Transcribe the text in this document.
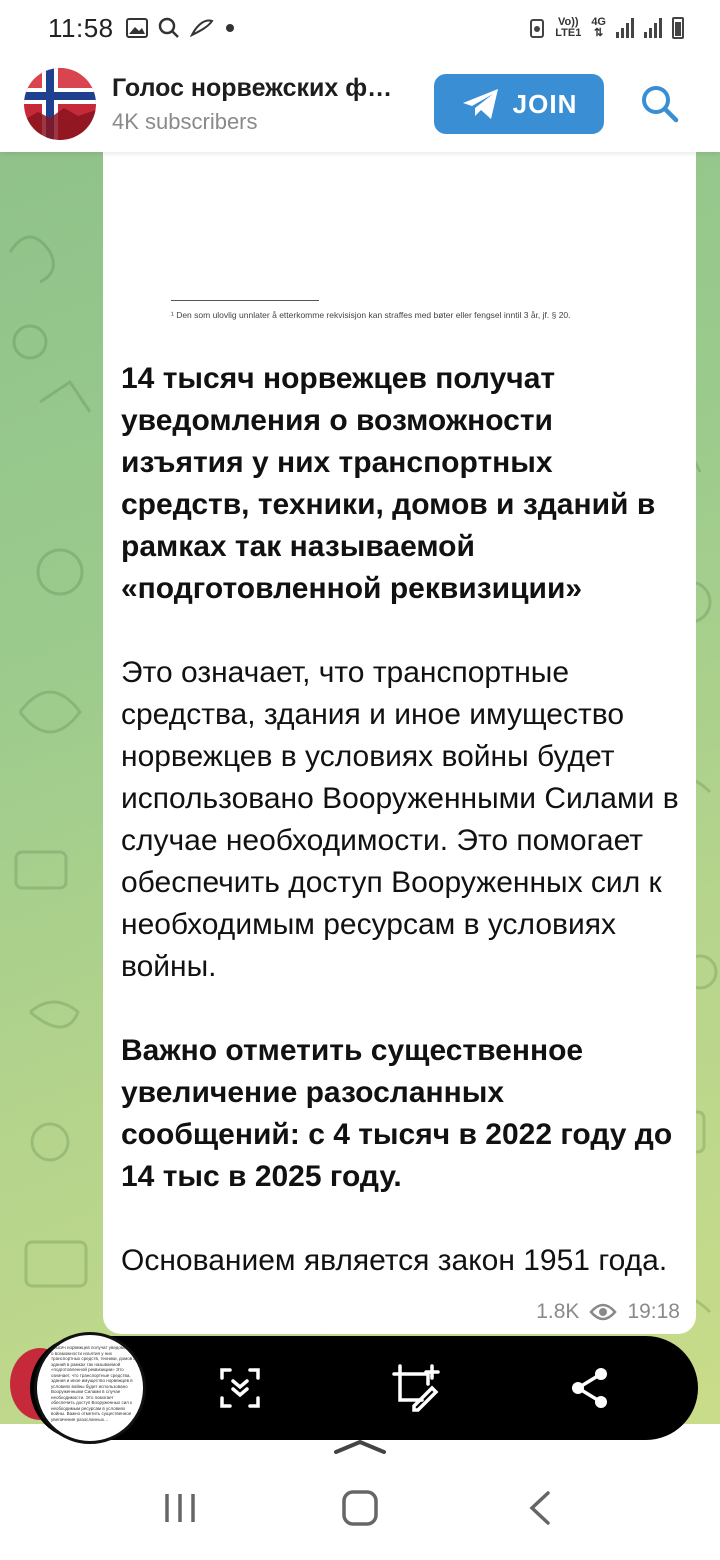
11:58	Vo))
LTE1
4G
⇅
Голос норвежских ф…
4K subscribers
JOIN
¹ Den som ulovlig unnlater å etterkomme rekvisisjon kan straffes med bøter eller fengsel inntil 3 år, jf. § 20.

14 тысяч норвежцев получат уведомления о возможности изъятия у них транспортных средств, техники, домов и зданий в рамках так называемой «подготовленной реквизиции»

Это означает, что транспортные средства, здания и иное имущество норвежцев в условиях войны будет использовано Вооруженными Силами в случае необходимости. Это помогает обеспечить доступ Вооруженных сил к необходимым ресурсам в условиях войны.

Важно отметить существенное увеличение разосланных сообщений: с 4 тысяч в 2022 году до 14 тыс в 2025 году.

Основанием является закон 1951 года.

1.8K 19:18
…ысяч норвежцев получат уведомления о возможности изъятия у них транспортных средств, техники, домов и зданий в рамках так называемой «подготовленной реквизиции» Это означает, что транспортные средства, здания и иное имущество норвежцев в условиях войны будет использовано Вооруженными Силами в случае необходимости. Это помогает обеспечить доступ Вооруженных сил к необходимым ресурсам в условиях войны. Важно отметить существенное увеличение разосланных…
